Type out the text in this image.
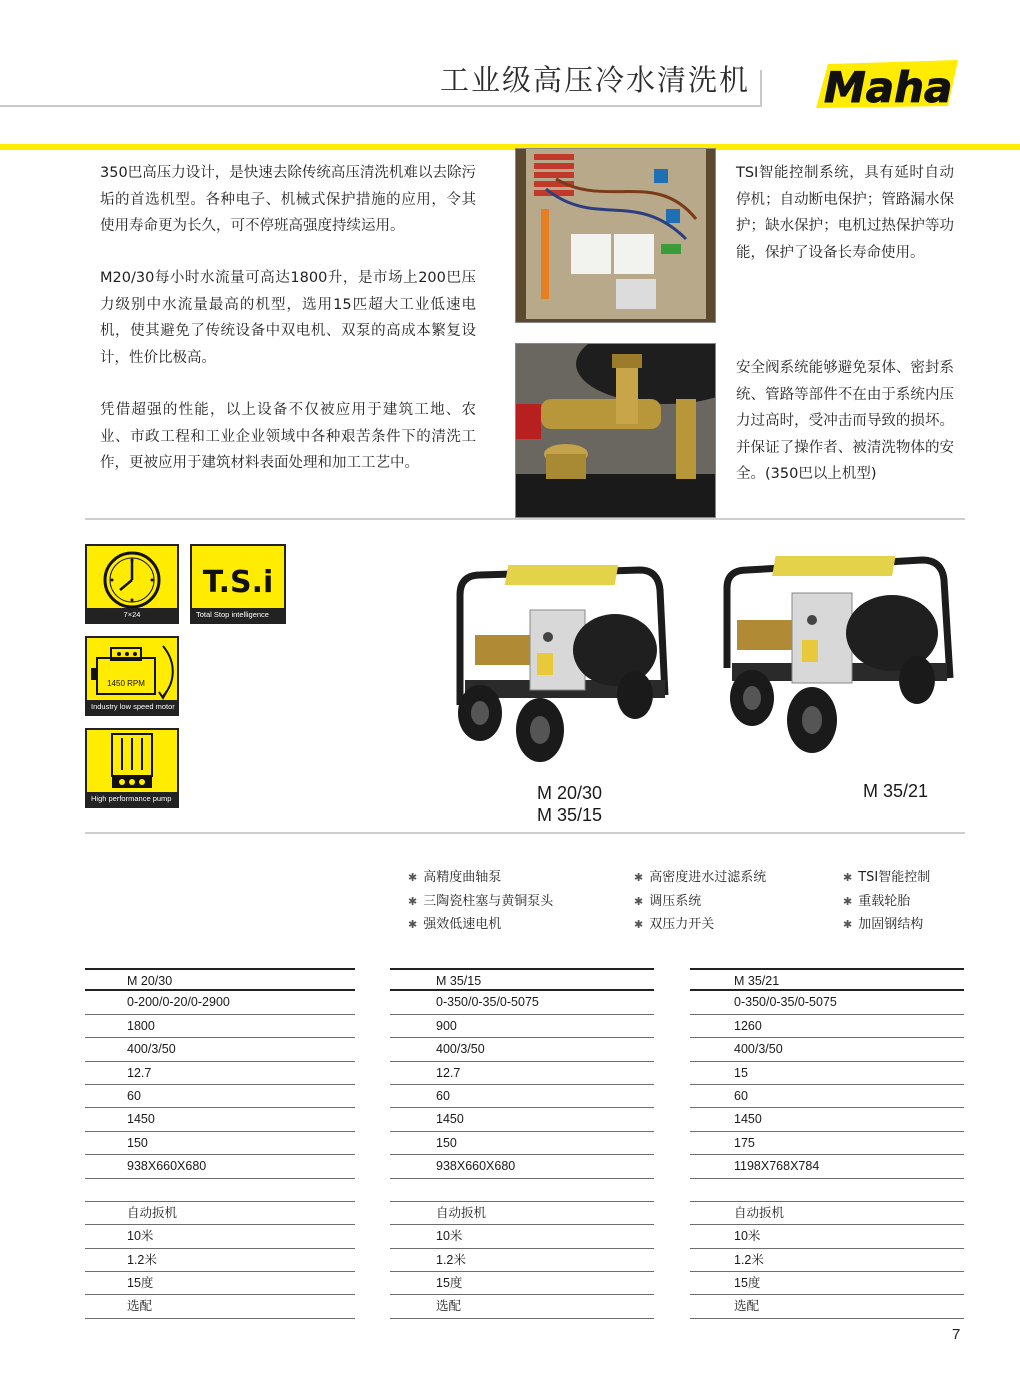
工业级高压冷水清洗机 Maha
350巴高压力设计，是快速去除传统高压清洗机难以去除污垢的首选机型。各种电子、机械式保护措施的应用，令其使用寿命更为长久，可不停班高强度持续运用。
M20/30每小时水流量可高达1800升，是市场上200巴压力级别中水流量最高的机型，选用15匹超大工业低速电机，使其避免了传统设备中双电机、双泵的高成本繁复设计，性价比极高。
凭借超强的性能，以上设备不仅被应用于建筑工地、农业、市政工程和工业企业领域中各种艰苦条件下的清洗工作，更被应用于建筑材料表面处理和加工工艺中。
TSI智能控制系统，具有延时自动停机；自动断电保护；管路漏水保护；缺水保护；电机过热保护等功能，保护了设备长寿命使用。
安全阀系统能够避免泵体、密封系统、管路等部件不在由于系统内压力过高时，受冲击而导致的损坏。并保证了操作者、被清洗物体的安全。(350巴以上机型)
7×24
T.S.i
Total Stop intelligence
1450 RPM
Industry low speed motor
High performance pump	M 20/30
M 35/15
M 35/21
✱ 高精度曲轴泵
✱ 三陶瓷柱塞与黄铜泵头
✱ 强效低速电机
✱ 高密度进水过滤系统
✱ 调压系统
✱ 双压力开关
✱ TSI智能控制
✱ 重载轮胎
✱ 加固钢结构
M 20/30
0-200/0-20/0-2900
1800
400/3/50
12.7
60
1450
150
938X660X680
自动扳机
10米
1.2米
15度
选配
M 35/15
0-350/0-35/0-5075
900
400/3/50
12.7
60
1450
150
938X660X680
自动扳机
10米
1.2米
15度
选配
M 35/21
0-350/0-35/0-5075
1260
400/3/50
15
60
1450
175
1198X768X784
自动扳机
10米
1.2米
15度
选配
7
